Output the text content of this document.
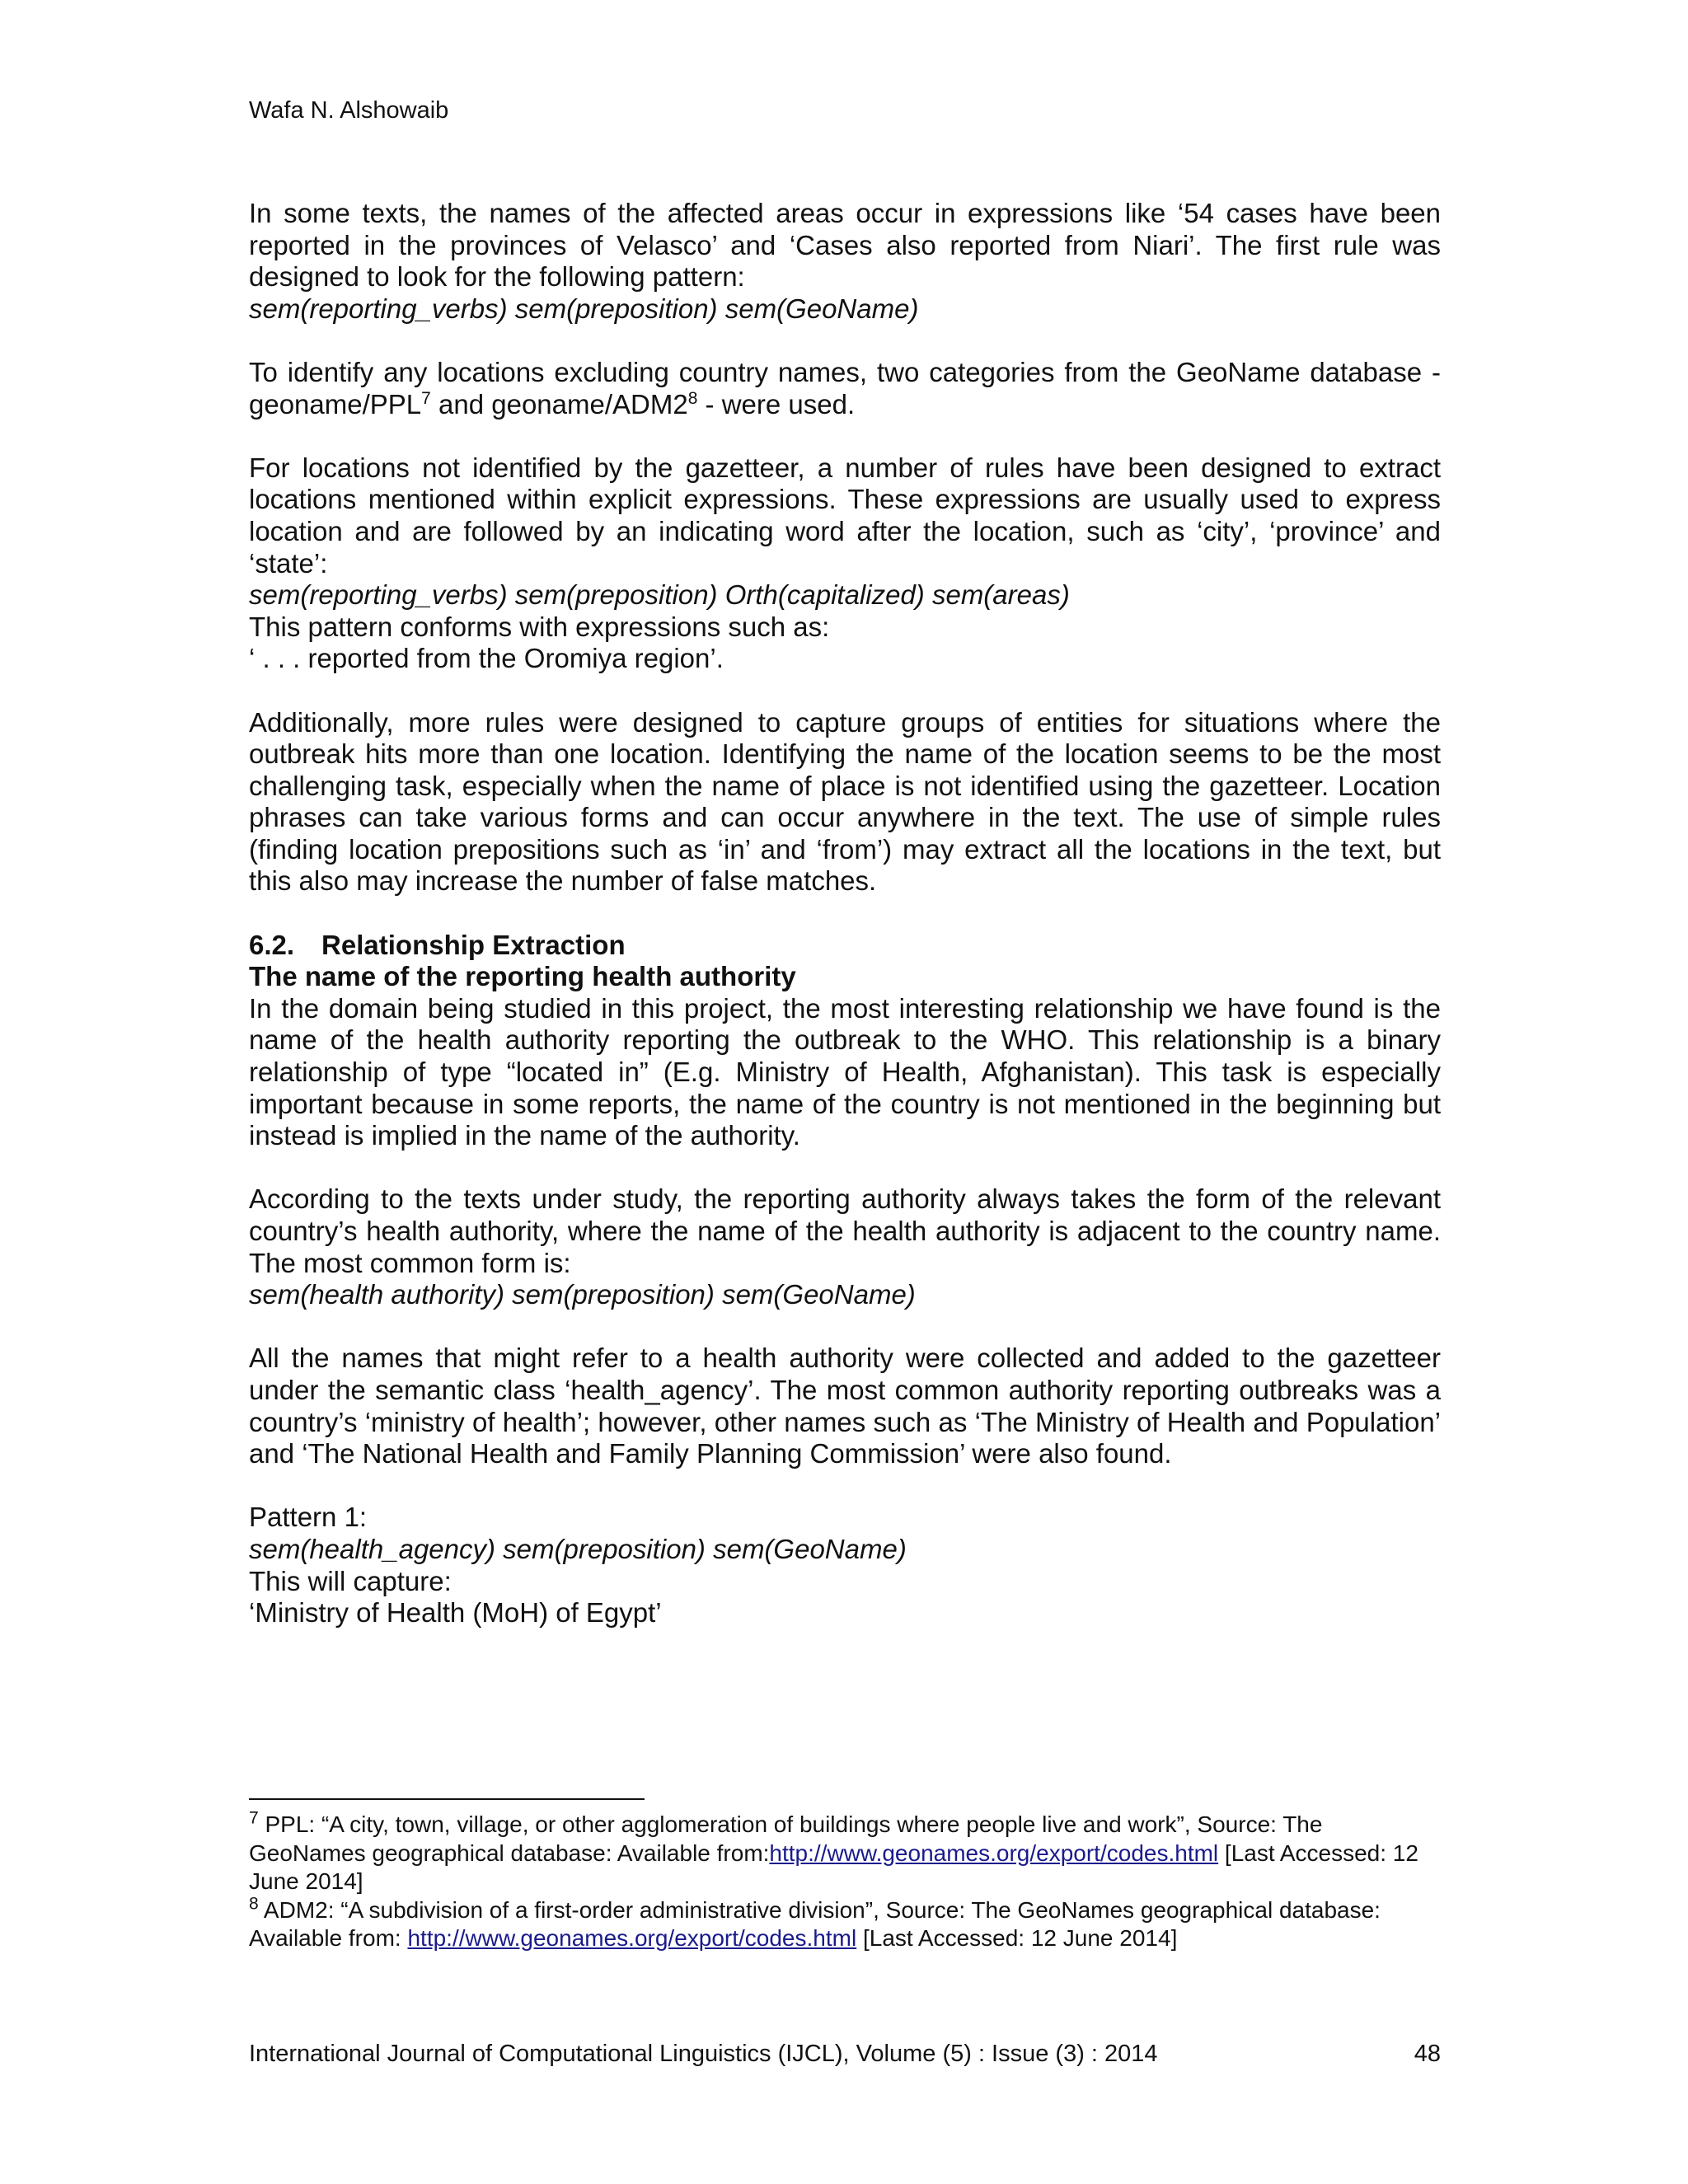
Wafa N. Alshowaib

In some texts, the names of the affected areas occur in expressions like ‘54 cases have been reported in the provinces of Velasco’ and ‘Cases also reported from Niari’. The first rule was designed to look for the following pattern:
sem(reporting_verbs) sem(preposition) sem(GeoName)

To identify any locations excluding country names, two categories from the GeoName database - geoname/PPL$^7$ and geoname/$ADM2^8$ - were used.

For locations not identified by the gazetteer, a number of rules have been designed to extract locations mentioned within explicit expressions. These expressions are usually used to express location and are followed by an indicating word after the location, such as ‘city’, ‘province’ and ‘state’:
sem(reporting_verbs) sem(preposition) Orth(capitalized) sem(areas)
This pattern conforms with expressions such as:
‘ . . . reported from the Oromiya region’.

Additionally, more rules were designed to capture groups of entities for situations where the outbreak hits more than one location. Identifying the name of the location seems to be the most challenging task, especially when the name of place is not identified using the gazetteer. Location phrases can take various forms and can occur anywhere in the text. The use of simple rules (finding location prepositions such as ‘in’ and ‘from’) may extract all the locations in the text, but this also may increase the number of false matches.

6.2. Relationship Extraction
The name of the reporting health authority

In the domain being studied in this project, the most interesting relationship we have found is the name of the health authority reporting the outbreak to the WHO. This relationship is a binary relationship of type “located in” (E.g. Ministry of Health, Afghanistan). This task is especially important because in some reports, the name of the country is not mentioned in the beginning but instead is implied in the name of the authority.

According to the texts under study, the reporting authority always takes the form of the relevant country’s health authority, where the name of the health authority is adjacent to the country name. The most common form is:
sem(health authority) sem(preposition) sem(GeoName)

All the names that might refer to a health authority were collected and added to the gazetteer under the semantic class ‘health_agency’. The most common authority reporting outbreaks was a country’s ‘ministry of health’; however, other names such as ‘The Ministry of Health and Population’ and ‘The National Health and Family Planning Commission’ were also found.

Pattern 1:
sem(health_agency) sem(preposition) sem(GeoName)
This will capture:
‘Ministry of Health (MoH) of Egypt’

$^7$ PPL: “A city, town, village, or other agglomeration of buildings where people live and work”, Source: The GeoNames geographical database: Available from:http://www.geonames.org/export/codes.html [Last Accessed: 12 June 2014]

$^8$ ADM2: “A subdivision of a first-order administrative division”, Source: The GeoNames geographical database: Available from: http://www.geonames.org/export/codes.html [Last Accessed: 12 June 2014]

International Journal of Computational Linguistics (IJCL), Volume (5) : Issue (3) : 2014	48
